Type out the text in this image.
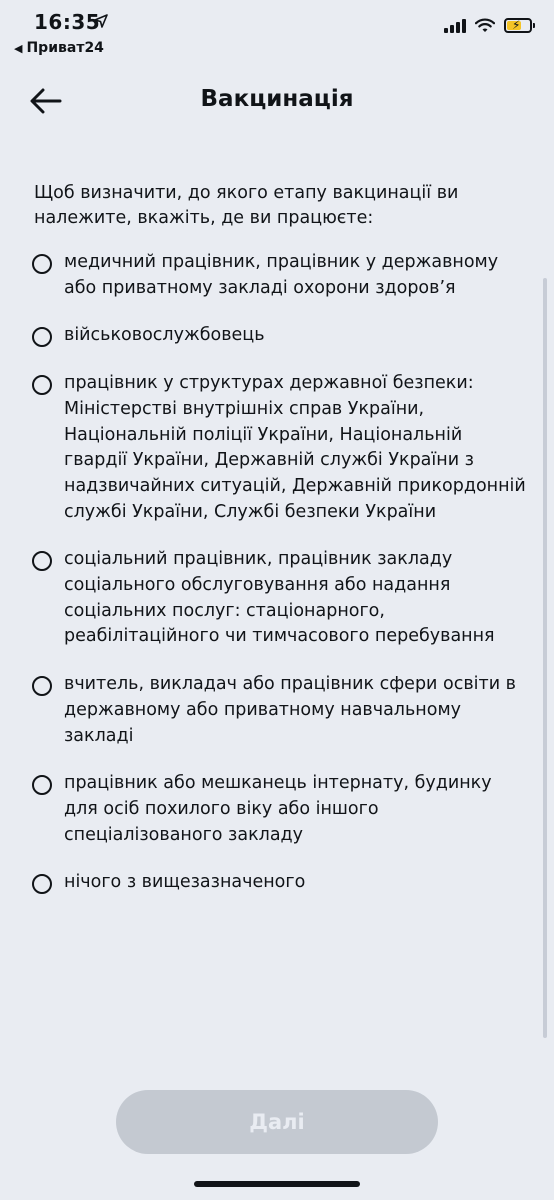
16:35
◀ Приват24
⚡
Вакцинація
Щоб визначити, до якого етапу вакцинації ви належите, вкажіть, де ви працюєте:
медичний працівник, працівник у державному або приватному закладі охорони здоров’я
військовослужбовець
працівник у структурах державної безпеки: Міністерстві внутрішніх справ України, Національній поліції України, Національній гвардії України, Державній службі України з надзвичайних ситуацій, Державній прикордонній службі України, Службі безпеки України
соціальний працівник, працівник закладу соціального обслуговування або надання соціальних послуг: стаціонарного, реабілітаційного чи тимчасового перебування
вчитель, викладач або працівник сфери освіти в державному або приватному навчальному закладі
працівник або мешканець інтернату, будинку для осіб похилого віку або іншого спеціалізованого закладу
нічого з вищезазначеного
Далі
